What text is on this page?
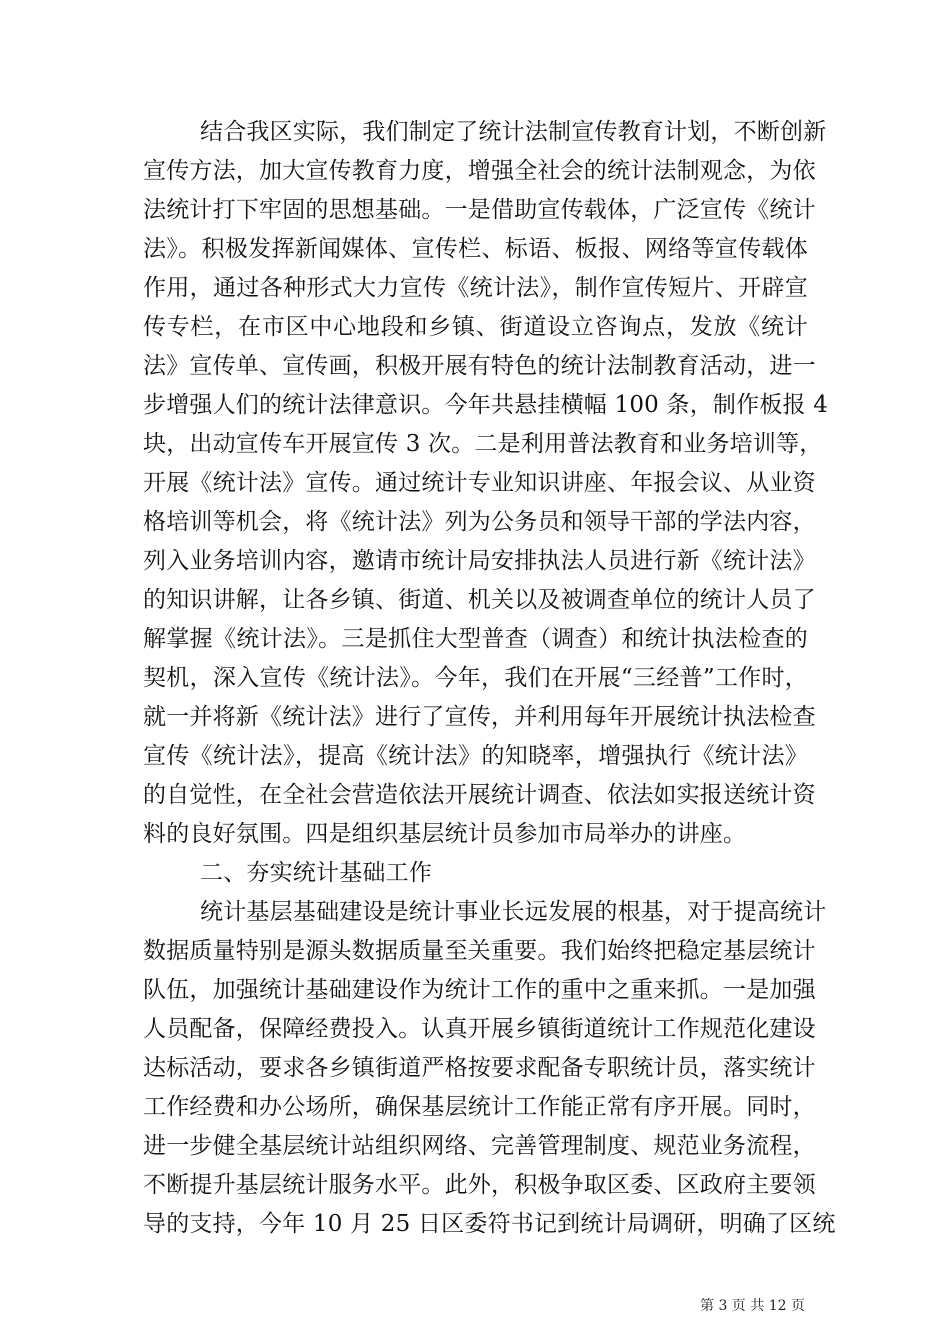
结合我区实际，我们制定了统计法制宣传教育计划，不断创新
宣传方法，加大宣传教育力度，增强全社会的统计法制观念，为依
法统计打下牢固的思想基础。一是借助宣传载体，广泛宣传《统计
法》。积极发挥新闻媒体、宣传栏、标语、板报、网络等宣传载体
作用，通过各种形式大力宣传《统计法》，制作宣传短片、开辟宣
传专栏，在市区中心地段和乡镇、街道设立咨询点，发放《统计
法》宣传单、宣传画，积极开展有特色的统计法制教育活动，进一
步增强人们的统计法律意识。今年共悬挂横幅 100 条，制作板报 4
块，出动宣传车开展宣传 3 次。二是利用普法教育和业务培训等，
开展《统计法》宣传。通过统计专业知识讲座、年报会议、从业资
格培训等机会，将《统计法》列为公务员和领导干部的学法内容，
列入业务培训内容，邀请市统计局安排执法人员进行新《统计法》
的知识讲解，让各乡镇、街道、机关以及被调查单位的统计人员了
解掌握《统计法》。三是抓住大型普查（调查）和统计执法检查的
契机，深入宣传《统计法》。今年，我们在开展“三经普”工作时，
就一并将新《统计法》进行了宣传，并利用每年开展统计执法检查
宣传《统计法》，提高《统计法》的知晓率，增强执行《统计法》
的自觉性，在全社会营造依法开展统计调查、依法如实报送统计资
料的良好氛围。四是组织基层统计员参加市局举办的讲座。
二、夯实统计基础工作
统计基层基础建设是统计事业长远发展的根基，对于提高统计
数据质量特别是源头数据质量至关重要。我们始终把稳定基层统计
队伍，加强统计基础建设作为统计工作的重中之重来抓。一是加强
人员配备，保障经费投入。认真开展乡镇街道统计工作规范化建设
达标活动，要求各乡镇街道严格按要求配备专职统计员，落实统计
工作经费和办公场所，确保基层统计工作能正常有序开展。同时，
进一步健全基层统计站组织网络、完善管理制度、规范业务流程，
不断提升基层统计服务水平。此外，积极争取区委、区政府主要领
导的支持，今年 10 月 25 日区委符书记到统计局调研，明确了区统
第 3 页 共 12 页
